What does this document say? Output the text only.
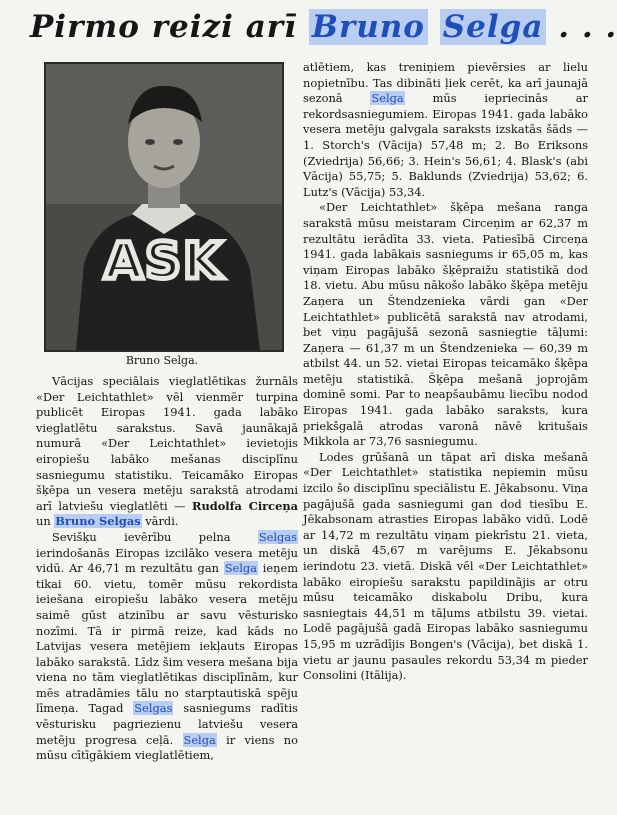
Pirmo reizi arī Bruno Selga . . .
ASK
Bruno Selga.

Vācijas speciālais vieglatlētikas žurnāls «Der Leichtathlet» vēl vienmēr turpina publicēt Eiropas 1941. gada labāko vieglatlētu sarakstus. Savā jaunākajā numurā «Der Leichtathlet» ievietojis eiropiešu labāko mešanas disciplīnu sasniegumu statistiku. Teicamāko Eiropas šķēpa un vesera metēju sarakstā atrodami arī latviešu vieglatlēti — Rudolfa Circeņa un Bruno Selgas vārdi.

Sevišķu ievērību pelna Selgas ierindošanās Eiropas izcilāko vesera metēju vidū. Ar 46,71 m rezultātu gan Selga ieņem tikai 60. vietu, tomēr mūsu rekordista ieiešana eiropiešu labāko vesera metēju saimē gūst atzinību ar savu vēsturisko nozīmi. Tā ir pirmā reize, kad kāds no Latvijas vesera metējiem iekļauts Eiropas labāko sarakstā. Līdz šim vesera mešana bija viena no tām vieglatlētikas disciplīnām, kur mēs atradāmies tālu no starptautiskā spēju līmeņa. Tagad Selgas sasniegums radītis vēsturisku pagriezienu latviešu vesera metēju progresa ceļā. Selga ir viens no mūsu cītīgākiem vieglatlētiem,

atlētiem, kas treniņiem pievērsies ar lielu nopietnību. Tas dibināti ļiek cerēt, ka arī jaunajā sezonā Selga mūs iepriecinās ar rekordsasniegumiem. Eiropas 1941. gada labāko vesera metēju galvgala saraksts izskatās šāds — 1. Storch's (Vācija) 57,48 m; 2. Bo Eriksons (Zviedrija) 56,66; 3. Hein's 56,61; 4. Blask's (abi Vācija) 55,75; 5. Baklunds (Zviedrija) 53,62; 6. Lutz's (Vācija) 53,34.

«Der Leichtathlet» šķēpa mešana ranga sarakstā mūsu meistaram Circeņim ar 62,37 m rezultātu ierādīta 33. vieta. Patiesībā Circeņa 1941. gada labākais sasniegums ir 65,05 m, kas viņam Eiropas labāko šķēpraižu statistikā dod 18. vietu. Abu mūsu nākošo labāko šķēpa metēju Zaņera un Štendzenieka vārdi gan «Der Leichtathlet» publicētā sarakstā nav atrodami, bet viņu pagājušā sezonā sasniegtie tāļumi: Zaņera — 61,37 m un Štendzenieka — 60,39 m atbilst 44. un 52. vietai Eiropas teicamāko šķēpa metēju statistikā. Šķēpa mešanā joprojām dominē somi. Par to neapšaubāmu liecību nodod Eiropas 1941. gada labāko saraksts, kura priekšgalā atrodas varonā nāvē kritušais Mikkola ar 73,76 sasniegumu.

Lodes grūšanā un tāpat arī diska mešanā «Der Leichtathlet» statistika nepiemin mūsu izcilo šo disciplīnu speciālistu E. Jēkabsonu. Viņa pagājušā gada sasniegumi gan dod tiesību E. Jēkabsonam atrasties Eiropas labāko vidū. Lodē ar 14,72 m rezultātu viņam piekrīstu 21. vieta, un diskā 45,67 m varējums E. Jēkabsonu ierindotu 23. vietā. Diskā vēl «Der Leichtathlet» labāko eiropiešu sarakstu papildinājis ar otru mūsu teicamāko diskabolu Dribu, kura sasniegtais 44,51 m tāļums atbilstu 39. vietai. Lodē pagājušā gadā Eiropas labāko sasniegumu 15,95 m uzrādījis Bongen's (Vācija), bet diskā 1. vietu ar jaunu pasaules rekordu 53,34 m pieder Consolini (Itālija).
